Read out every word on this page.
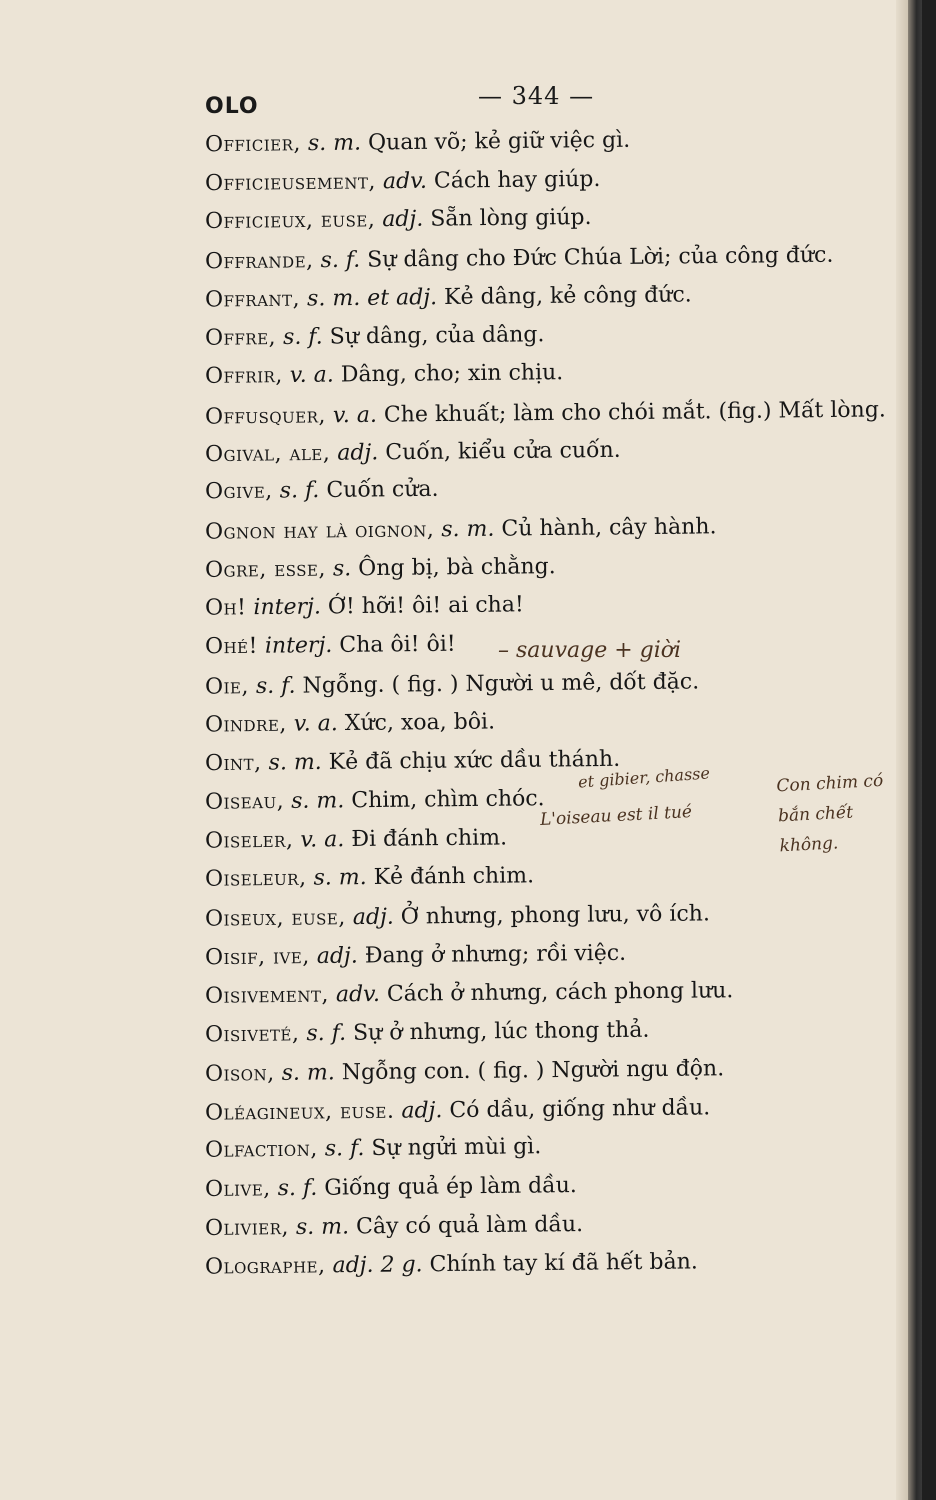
OLO	— 344 —
Officier, s. m. Quan võ; kẻ giữ việc gì.
Officieusement, adv. Cách hay giúp.
Officieux, euse, adj. Sẵn lòng giúp.
Offrande, s. f. Sự dâng cho Đức Chúa Lời; của công đức.
Offrant, s. m. et adj. Kẻ dâng, kẻ công đức.
Offre, s. f. Sự dâng, của dâng.
Offrir, v. a. Dâng, cho; xin chịu.
Offusquer, v. a. Che khuất; làm cho chói mắt. (fig.) Mất lòng.
Ogival, ale, adj. Cuốn, kiểu cửa cuốn.
Ogive, s. f. Cuốn cửa.
Ognon hay là oignon, s. m. Củ hành, cây hành.
Ogre, esse, s. Ông bị, bà chằng.
Oh! interj. Ớ! hỡi! ôi! ai cha!
Ohé! interj. Cha ôi! ôi!
Oie, s. f. Ngỗng. ( fig. ) Người u mê, dốt đặc.
Oindre, v. a. Xức, xoa, bôi.
Oint, s. m. Kẻ đã chịu xức dầu thánh.
Oiseau, s. m. Chim, chìm chóc.
Oiseler, v. a. Đi đánh chim.
Oiseleur, s. m. Kẻ đánh chim.
Oiseux, euse, adj. Ở nhưng, phong lưu, vô ích.
Oisif, ive, adj. Đang ở nhưng; rồi việc.
Oisivement, adv. Cách ở nhưng, cách phong lưu.
Oisiveté, s. f. Sự ở nhưng, lúc thong thả.
Oison, s. m. Ngỗng con. ( fig. ) Người ngu độn.
Oléagineux, euse. adj. Có dầu, giống như dầu.
Olfaction, s. f. Sự ngửi mùi gì.
Olive, s. f. Giống quả ép làm dầu.
Olivier, s. m. Cây có quả làm dầu.
Olographe, adj. 2 g. Chính tay kí đã hết bản.
– sauvage + giời
et gibier, chasse
L'oiseau est il tué
Con chim có bắn chết không.
